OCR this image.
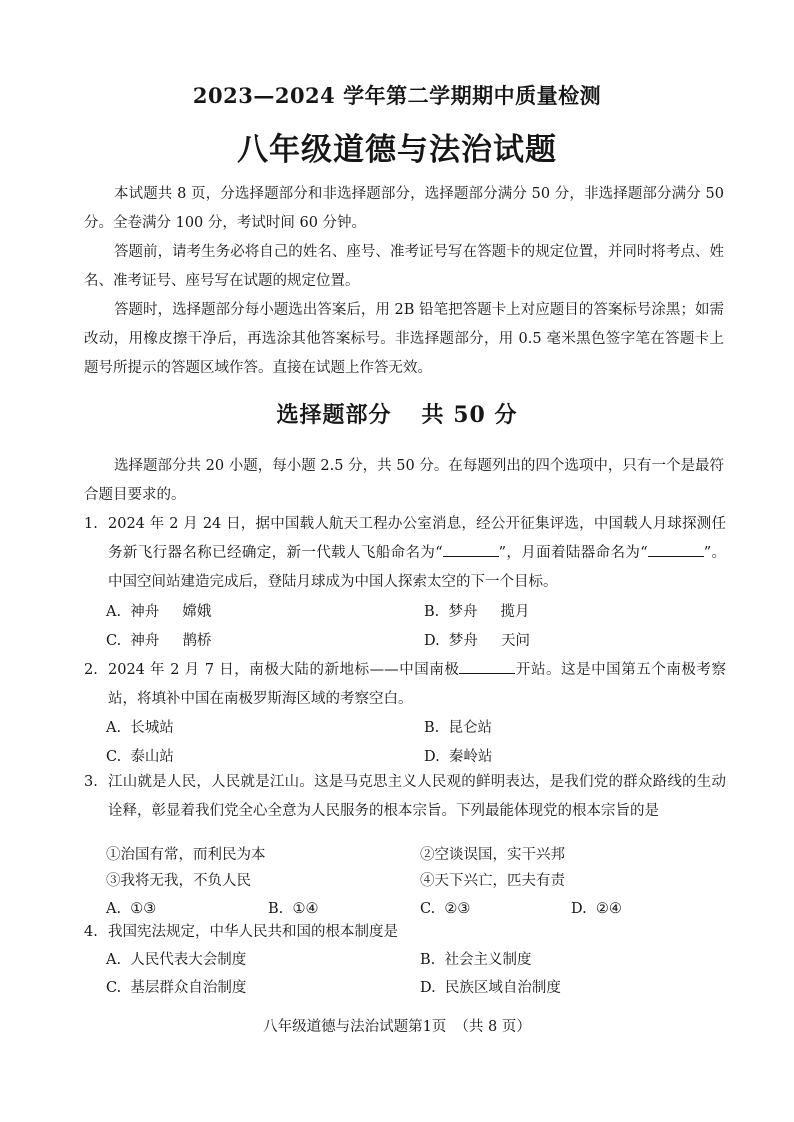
2023—2024 学年第二学期期中质量检测
八年级道德与法治试题

本试题共 8 页，分选择题部分和非选择题部分，选择题部分满分 50 分，非选择题部分满分 50 分。全卷满分 100 分，考试时间 60 分钟。

答题前，请考生务必将自己的姓名、座号、准考证号写在答题卡的规定位置，并同时将考点、姓名、准考证号、座号写在试题的规定位置。

答题时，选择题部分每小题选出答案后，用 2B 铅笔把答题卡上对应题目的答案标号涂黑；如需改动，用橡皮擦干净后，再选涂其他答案标号。非选择题部分，用 0.5 毫米黑色签字笔在答题卡上题号所提示的答题区域作答。直接在试题上作答无效。

选择题部分 共 50 分

选择题部分共 20 小题，每小题 2.5 分，共 50 分。在每题列出的四个选项中，只有一个是最符合题目要求的。

1. 2024 年 2 月 24 日，据中国载人航天工程办公室消息，经公开征集评选，中国载人月球探测任务新飞行器名称已经确定，新一代载人飞船命名为“	”，月面着陆器命名为“	”。中国空间站建造完成后，登陆月球成为中国人探索太空的下一个目标。
A.  神舟     嫦娥	B.  梦舟     揽月
C.  神舟     鹊桥	D.  梦舟     天问
2. 2024 年 2 月 7 日，南极大陆的新地标——中国南极	开站。这是中国第五个南极考察站，将填补中国在南极罗斯海区域的考察空白。
A.  长城站	B.  昆仑站
C.  泰山站	D.  秦岭站
3. 江山就是人民，人民就是江山。这是马克思主义人民观的鲜明表达，是我们党的群众路线的生动诠释，彰显着我们党全心全意为人民服务的根本宗旨。下列最能体现党的根本宗旨的是
①治国有常，而利民为本	②空谈误国，实干兴邦
③我将无我，不负人民	④天下兴亡，匹夫有责
A.  ①③	B.  ①④	C.  ②③	D.  ②④
4. 我国宪法规定，中华人民共和国的根本制度是
A.  人民代表大会制度	B.  社会主义制度
C.  基层群众自治制度	D.  民族区域自治制度
八年级道德与法治试题第1页 （共 8 页）
